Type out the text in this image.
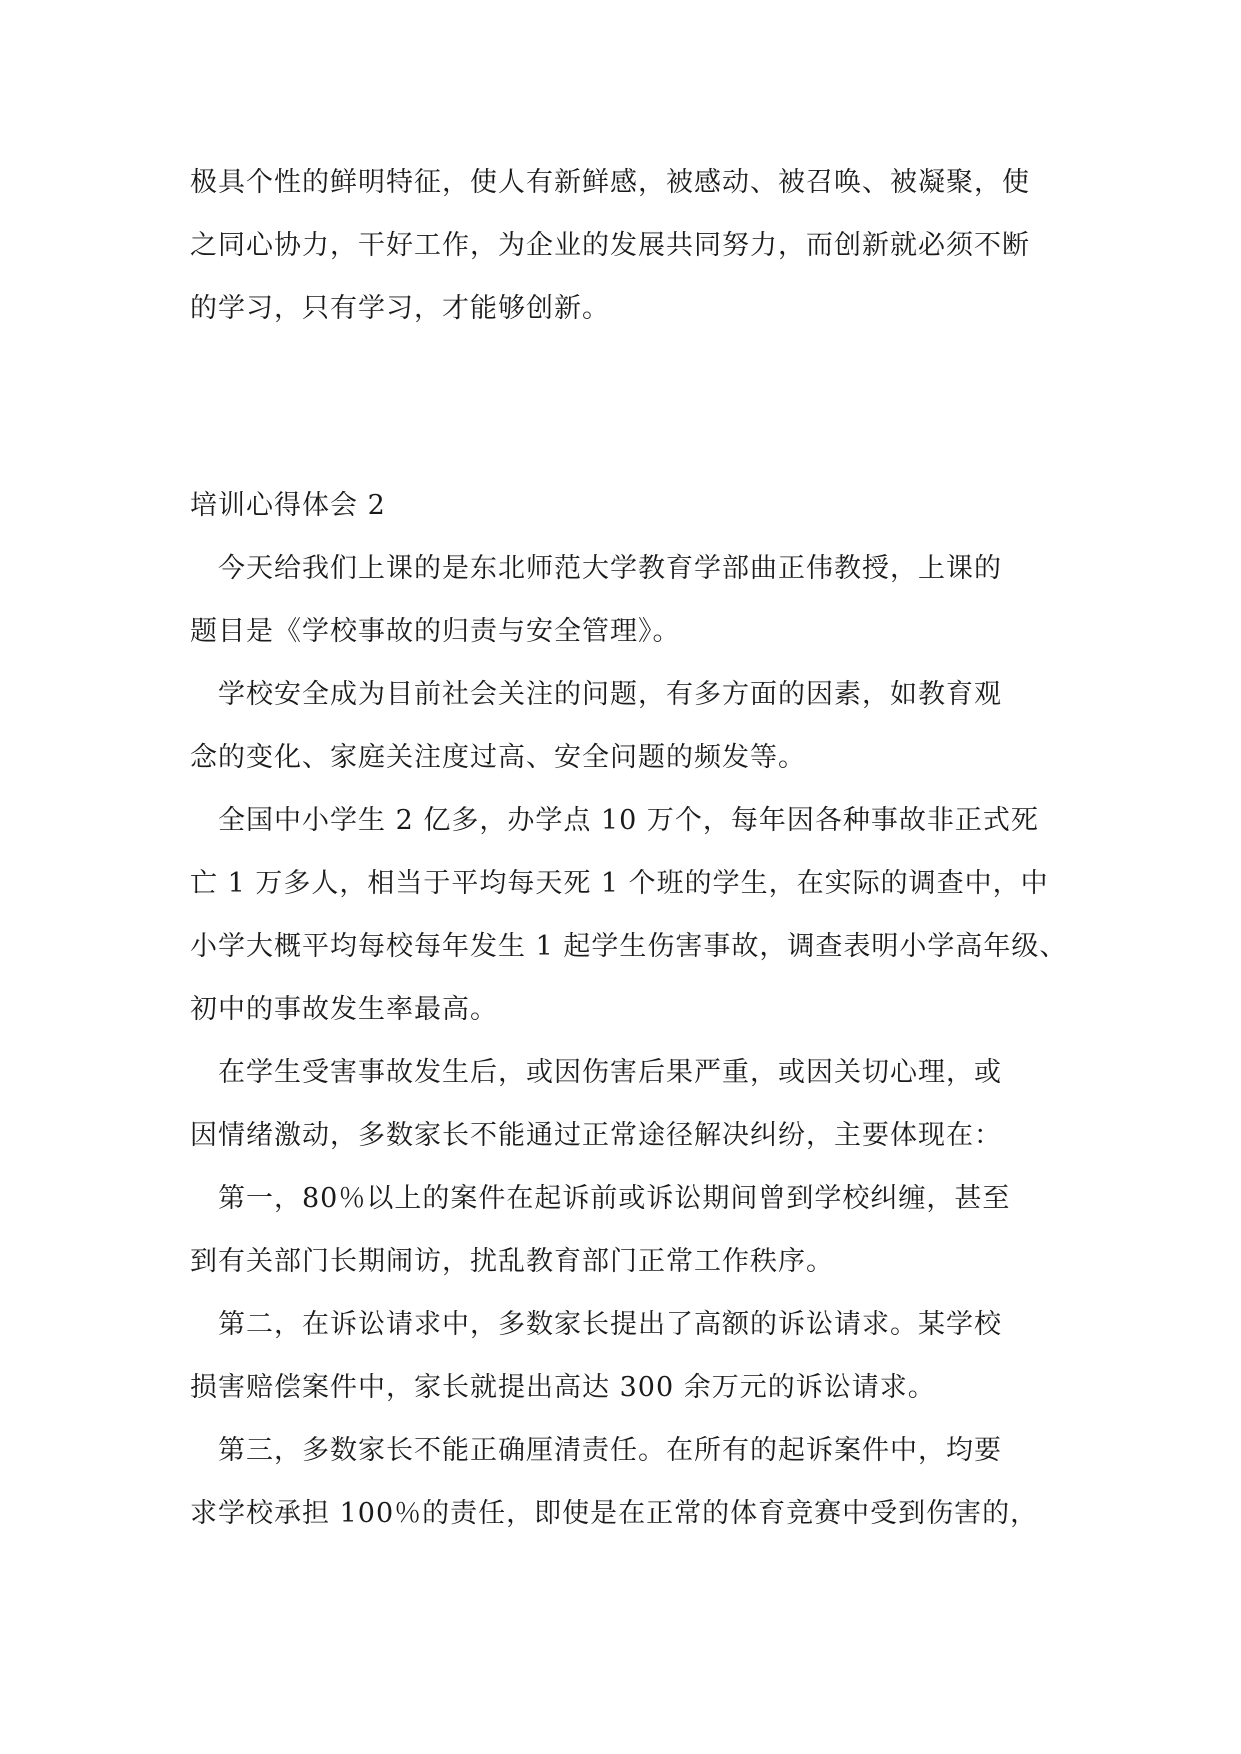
极具个性的鲜明特征，使人有新鲜感，被感动、被召唤、被凝聚，使
之同心协力，干好工作，为企业的发展共同努力，而创新就必须不断
的学习，只有学习，才能够创新。
培训心得体会 2
　今天给我们上课的是东北师范大学教育学部曲正伟教授，上课的
题目是《学校事故的归责与安全管理》。
　学校安全成为目前社会关注的问题，有多方面的因素，如教育观
念的变化、家庭关注度过高、安全问题的频发等。
　全国中小学生 2 亿多，办学点 10 万个，每年因各种事故非正式死
亡 1 万多人，相当于平均每天死 1 个班的学生，在实际的调查中，中
小学大概平均每校每年发生 1 起学生伤害事故，调查表明小学高年级、
初中的事故发生率最高。
　在学生受害事故发生后，或因伤害后果严重，或因关切心理，或
因情绪激动，多数家长不能通过正常途径解决纠纷，主要体现在：
　第一，80％以上的案件在起诉前或诉讼期间曾到学校纠缠，甚至
到有关部门长期闹访，扰乱教育部门正常工作秩序。
　第二，在诉讼请求中，多数家长提出了高额的诉讼请求。某学校
损害赔偿案件中，家长就提出高达 300 余万元的诉讼请求。
　第三，多数家长不能正确厘清责任。在所有的起诉案件中，均要
求学校承担 100％的责任，即使是在正常的体育竞赛中受到伤害的，
